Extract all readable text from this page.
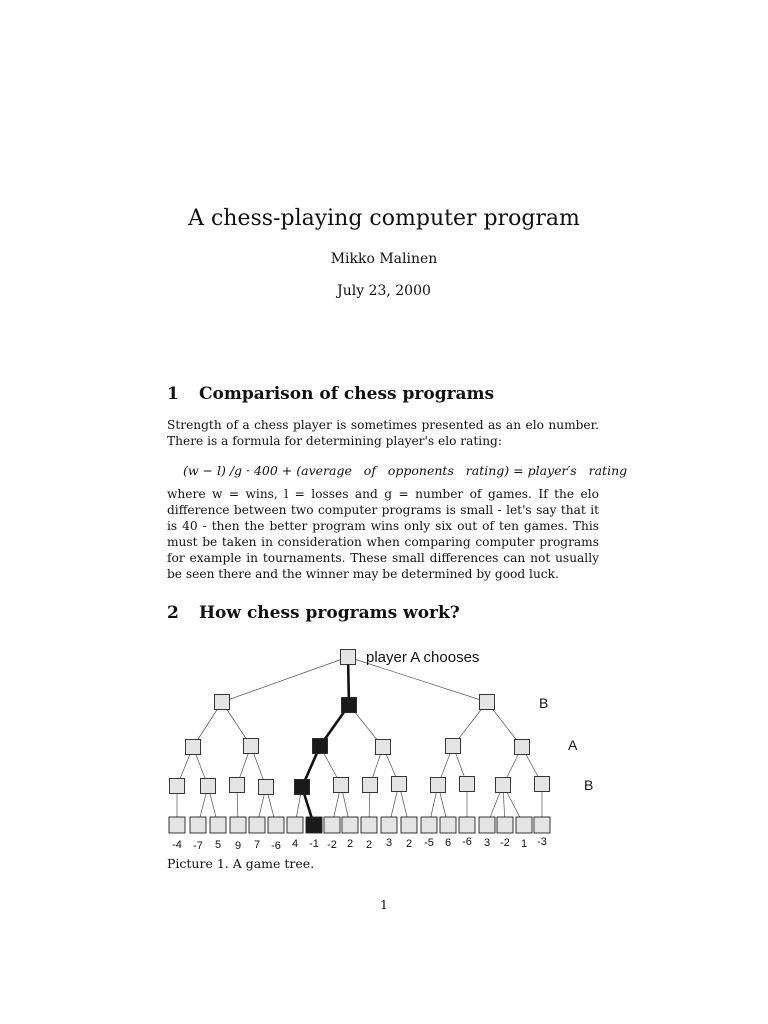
A chess-playing computer program
Mikko Malinen
July 23, 2000
1 Comparison of chess programs
Strength of a chess player is sometimes presented as an elo number. There is a formula for determining player's elo rating:
(w − l) /g · 400 + (average   of   opponents   rating) = player′s   rating
where w = wins, l = losses and g = number of games. If the elo difference between two computer programs is small - let's say that it is 40 - then the better program wins only six out of ten games. This must be taken in consideration when comparing computer programs for example in tournaments. These small differences can not usually be seen there and the winner may be determined by good luck.
2 How chess programs work?
player A chooses
B
A
B
-4 -7 5 9 7 -6 4 -1 -2 2 2 3 2 -5 6 -6 3 -2 1 -3
Picture 1. A game tree.
1
